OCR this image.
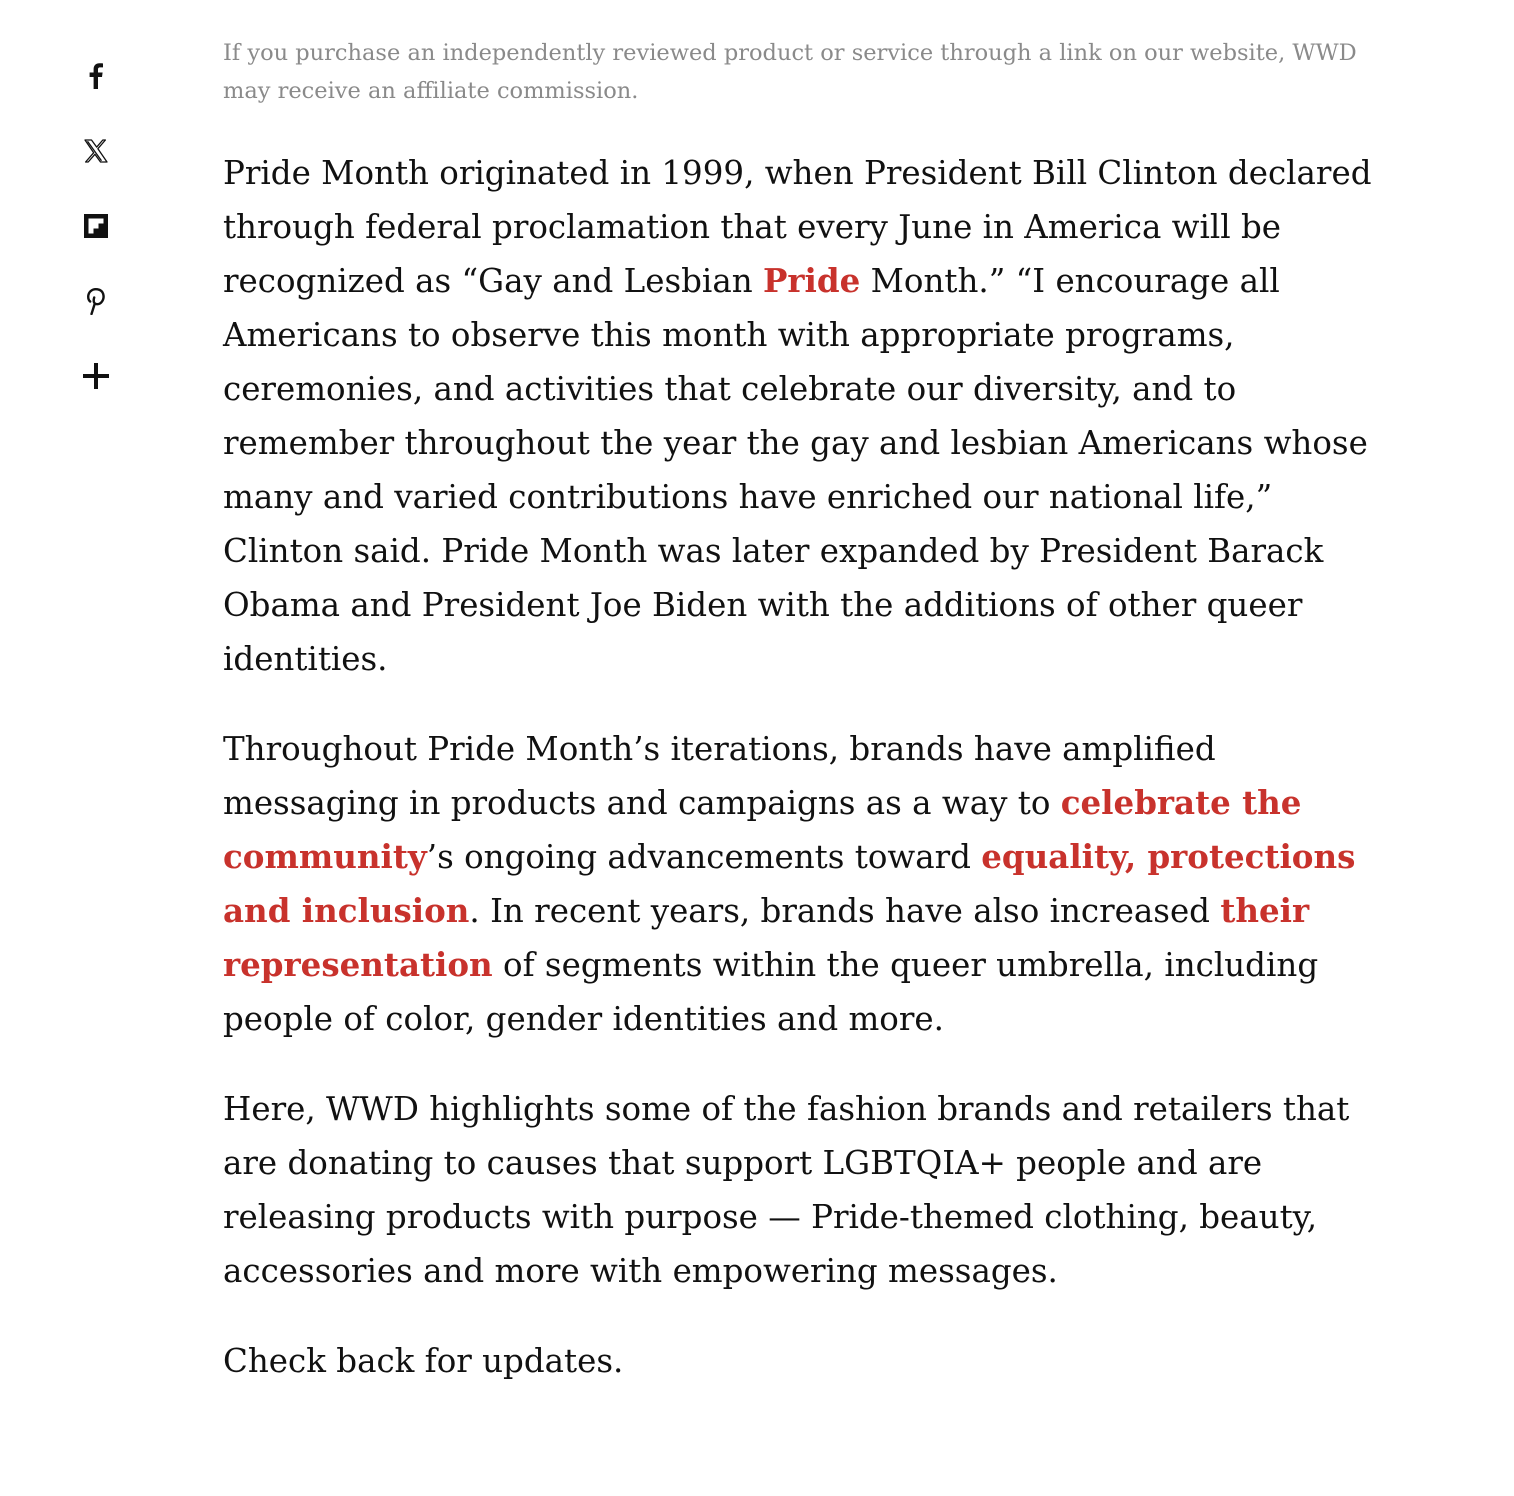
If you purchase an independently reviewed product or service through a link on our website, WWD may receive an affiliate commission.

Pride Month originated in 1999, when President Bill Clinton declared through federal proclamation that every June in America will be recognized as “Gay and Lesbian Pride Month.” “I encourage all Americans to observe this month with appropriate programs, ceremonies, and activities that celebrate our diversity, and to remember throughout the year the gay and lesbian Americans whose many and varied contributions have enriched our national life,” Clinton said. Pride Month was later expanded by President Barack Obama and President Joe Biden with the additions of other queer identities.

Throughout Pride Month’s iterations, brands have amplified messaging in products and campaigns as a way to celebrate the community’s ongoing advancements toward equality, protections and inclusion. In recent years, brands have also increased their representation of segments within the queer umbrella, including people of color, gender identities and more.

Here, WWD highlights some of the fashion brands and retailers that are donating to causes that support LGBTQIA+ people and are releasing products with purpose — Pride-themed clothing, beauty, accessories and more with empowering messages.

Check back for updates.
